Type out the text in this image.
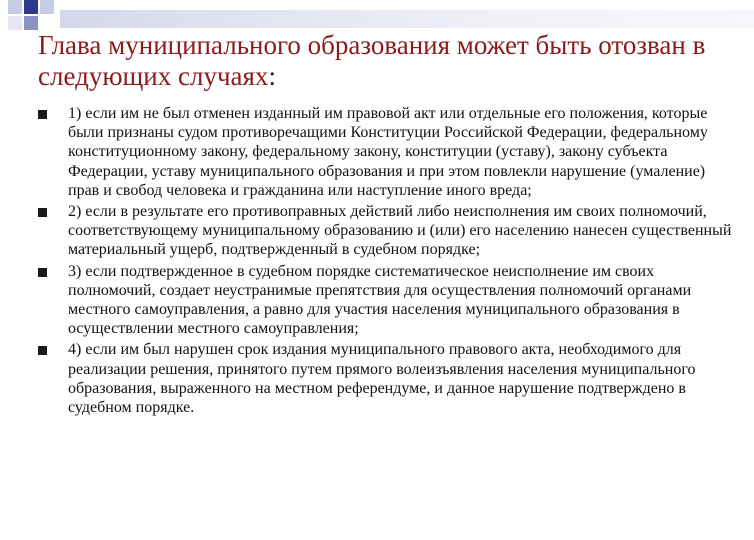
Глава муниципального образования может быть отозван в следующих случаях:
1) если им не был отменен изданный им правовой акт или отдельные его положения, которые были признаны судом противоречащими Конституции Российской Федерации, федеральному конституционному закону, федеральному закону, конституции (уставу), закону субъекта Федерации, уставу муниципального образования и при этом повлекли нарушение (умаление) прав и свобод человека и гражданина или наступление иного вреда;
2) если в результате его противоправных действий либо неисполнения им своих полномочий, соответствующему муниципальному образованию и (или) его населению нанесен существенный материальный ущерб, подтвержденный в судебном порядке;
3) если подтвержденное в судебном порядке систематическое неисполнение им своих полномочий, создает неустранимые препятствия для осуществления полномочий органами местного самоуправления, а равно для участия населения муниципального образования в осуществлении местного самоуправления;
4) если им был нарушен срок издания муниципального правового акта, необходимого для реализации решения, принятого путем прямого волеизъявления населения муниципального образования, выраженного на местном референдуме, и данное нарушение подтверждено в судебном порядке.
